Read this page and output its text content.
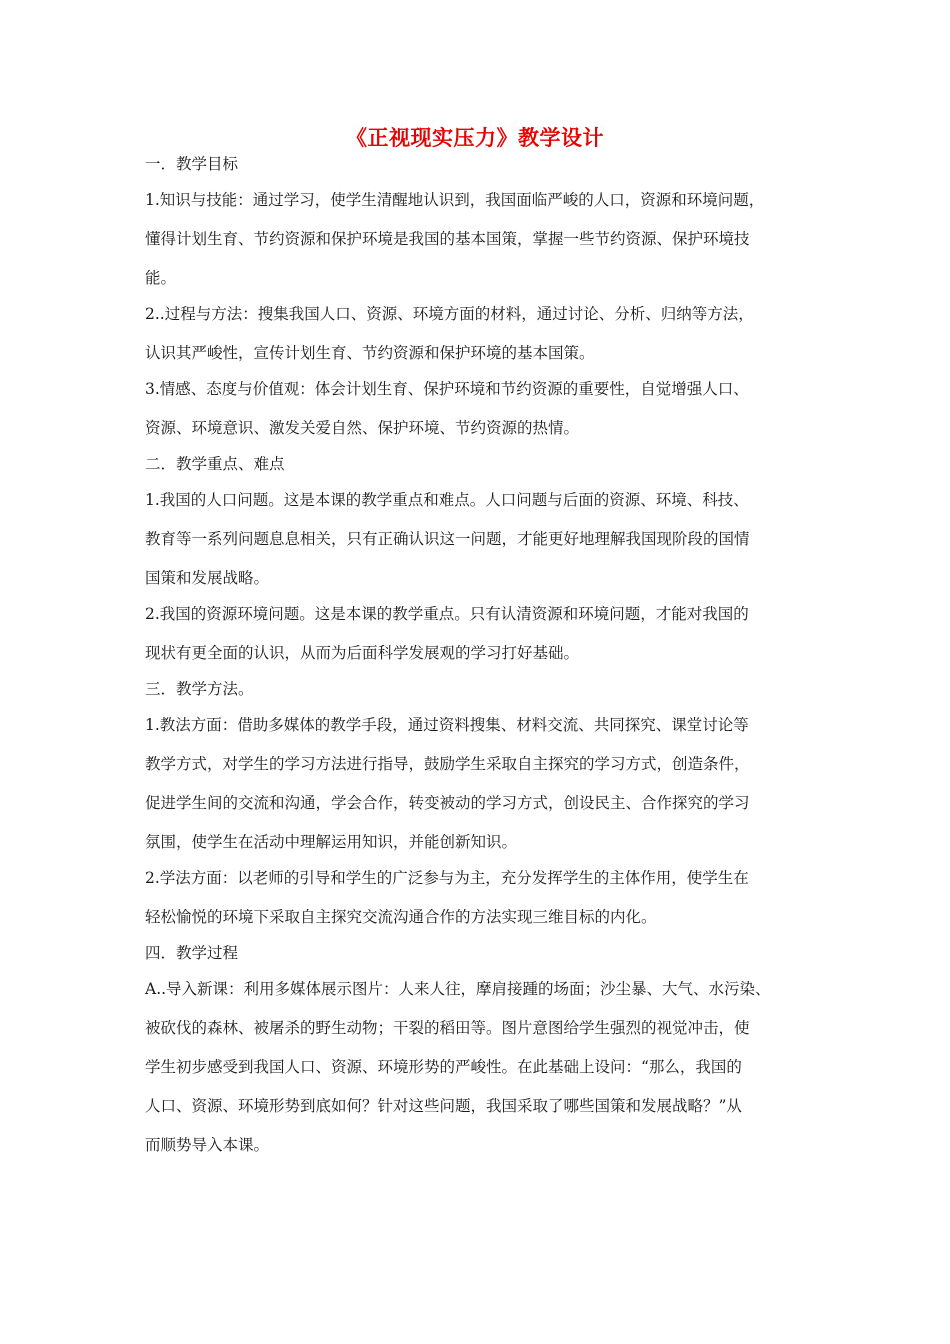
《正视现实压力》教学设计

一．教学目标

1.知识与技能：通过学习，使学生清醒地认识到，我国面临严峻的人口，资源和环境问题，

懂得计划生育、节约资源和保护环境是我国的基本国策，掌握一些节约资源、保护环境技

能。

2..过程与方法：搜集我国人口、资源、环境方面的材料，通过讨论、分析、归纳等方法，

认识其严峻性，宣传计划生育、节约资源和保护环境的基本国策。

3.情感、态度与价值观：体会计划生育、保护环境和节约资源的重要性，自觉增强人口、

资源、环境意识、激发关爱自然、保护环境、节约资源的热情。

二．教学重点、难点

1.我国的人口问题。这是本课的教学重点和难点。人口问题与后面的资源、环境、科技、

教育等一系列问题息息相关，只有正确认识这一问题，才能更好地理解我国现阶段的国情

国策和发展战略。

2.我国的资源环境问题。这是本课的教学重点。只有认清资源和环境问题，才能对我国的

现状有更全面的认识，从而为后面科学发展观的学习打好基础。

三．教学方法。

1.教法方面：借助多媒体的教学手段，通过资料搜集、材料交流、共同探究、课堂讨论等

教学方式，对学生的学习方法进行指导，鼓励学生采取自主探究的学习方式，创造条件，

促进学生间的交流和沟通，学会合作，转变被动的学习方式，创设民主、合作探究的学习

氛围，使学生在活动中理解运用知识，并能创新知识。

2.学法方面：以老师的引导和学生的广泛参与为主，充分发挥学生的主体作用，使学生在

轻松愉悦的环境下采取自主探究交流沟通合作的方法实现三维目标的内化。

四．教学过程

A..导入新课：利用多媒体展示图片：人来人往，摩肩接踵的场面；沙尘暴、大气、水污染、

被砍伐的森林、被屠杀的野生动物；干裂的稻田等。图片意图给学生强烈的视觉冲击，使

学生初步感受到我国人口、资源、环境形势的严峻性。在此基础上设问：“那么，我国的

人口、资源、环境形势到底如何？针对这些问题，我国采取了哪些国策和发展战略？”从

而顺势导入本课。
